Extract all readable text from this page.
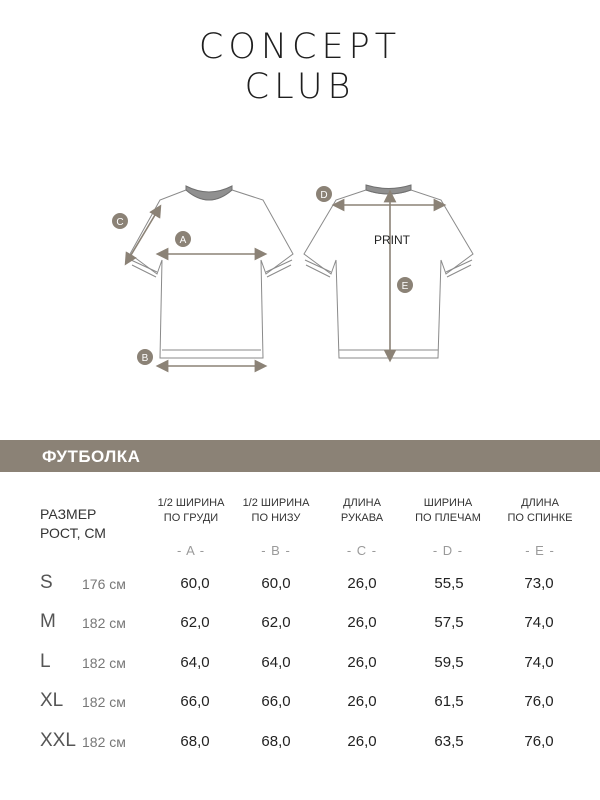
CONCEPT
CLUB
A
B
C
D
E
PRINT
ФУТБОЛКА
РАЗМЕР
РОСТ, СМ
1/2 ШИРИНА
ПО ГРУДИ
1/2 ШИРИНА
ПО НИЗУ
ДЛИНА
РУКАВА
ШИРИНА
ПО ПЛЕЧАМ
ДЛИНА
ПО СПИНКЕ
- A -	- B -	- C -	- D -	- E -
S 176 см	60,0	60,0	26,0	55,5	73,0
M 182 см	62,0	62,0	26,0	57,5	74,0
L 182 см	64,0	64,0	26,0	59,5	74,0
XL 182 см	66,0	66,0	26,0	61,5	76,0
XXL 182 см	68,0	68,0	26,0	63,5	76,0
